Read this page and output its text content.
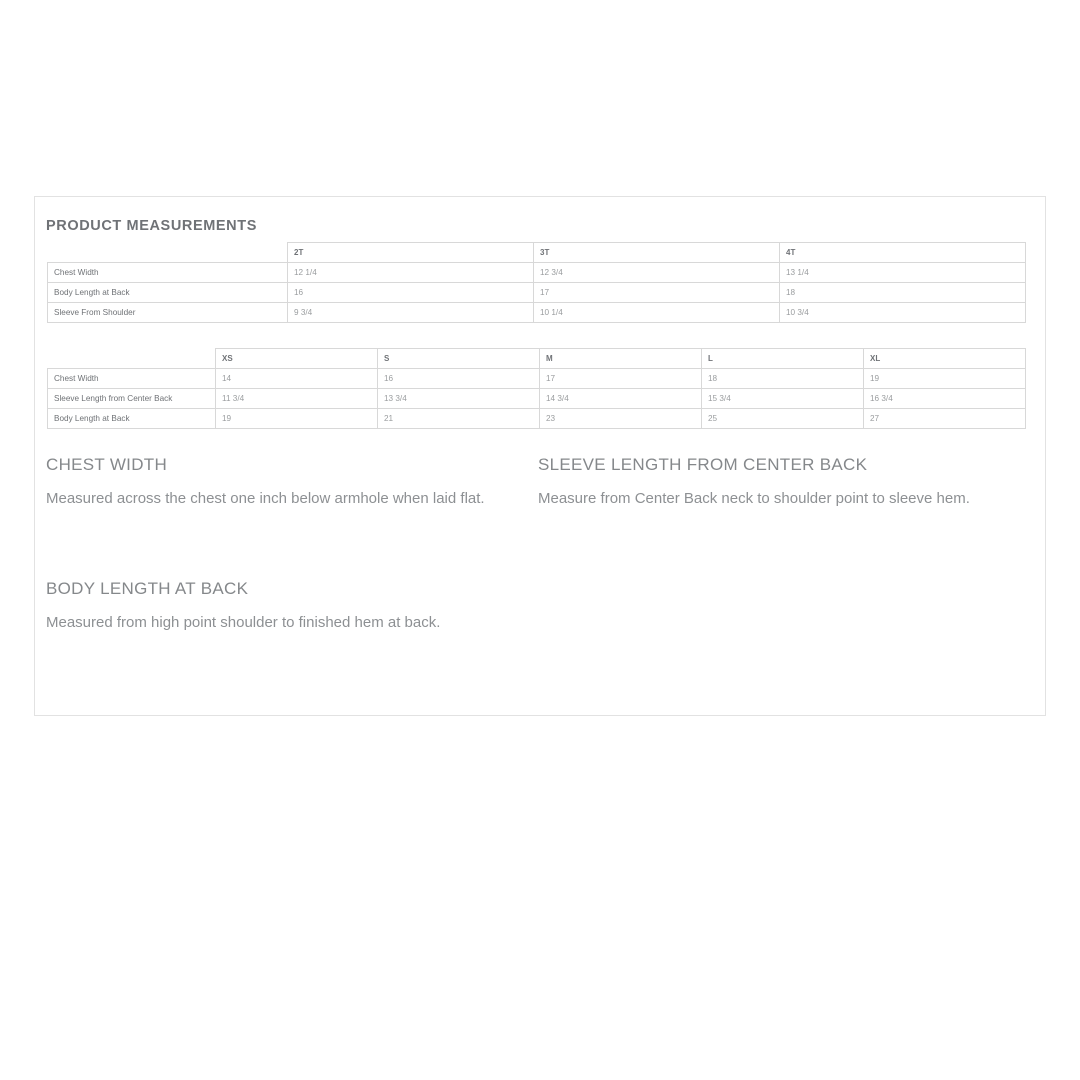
PRODUCT MEASUREMENTS
	2T	3T	4T
Chest Width	12 1/4	12 3/4	13 1/4
Body Length at Back	16	17	18
Sleeve From Shoulder	9 3/4	10 1/4	10 3/4
	XS	S	M	L	XL
Chest Width	14	16	17	18	19
Sleeve Length from Center Back	11 3/4	13 3/4	14 3/4	15 3/4	16 3/4
Body Length at Back	19	21	23	25	27

CHEST WIDTH

Measured across the chest one inch below armhole when laid flat.

SLEEVE LENGTH FROM CENTER BACK

Measure from Center Back neck to shoulder point to sleeve hem.

BODY LENGTH AT BACK

Measured from high point shoulder to finished hem at back.
